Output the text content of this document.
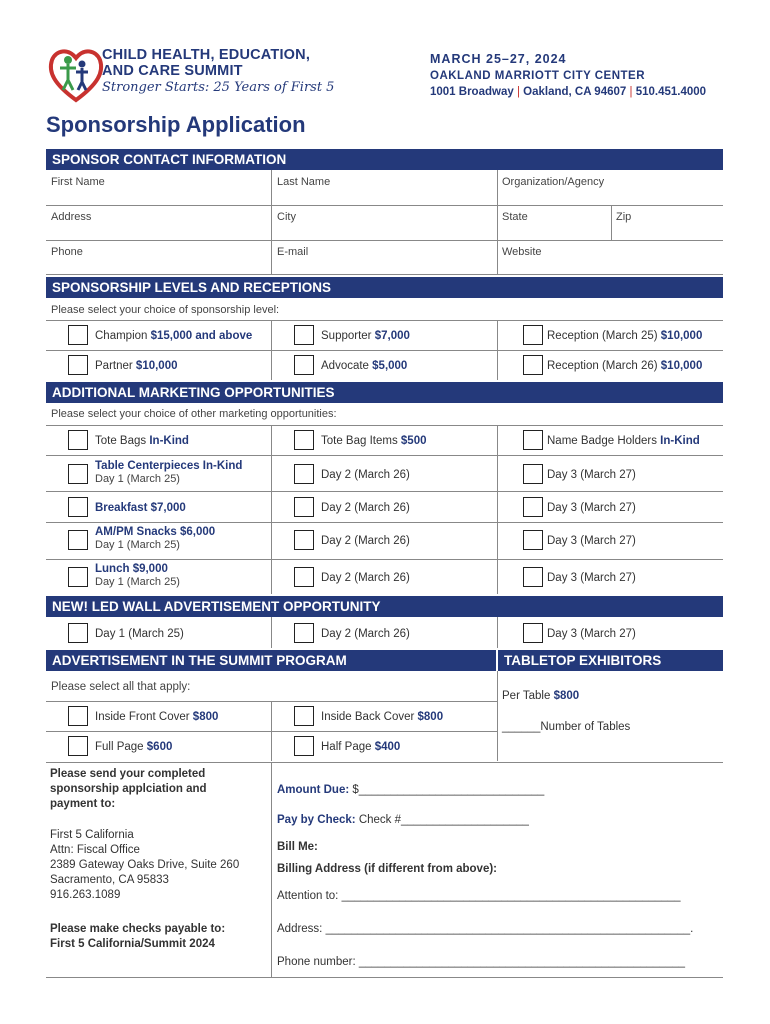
CHILD HEALTH, EDUCATION,
AND CARE SUMMIT
Stronger Starts: 25 Years of First 5
MARCH 25–27, 2024
OAKLAND MARRIOTT CITY CENTER
1001 Broadway | Oakland, CA 94607 | 510.451.4000
Sponsorship Application
SPONSOR CONTACT INFORMATION
First Name	Last Name	Organization/Agency
Address	City	State	Zip
Phone	E-mail	Website
SPONSORSHIP LEVELS AND RECEPTIONS
Please select your choice of sponsorship level:
Champion $15,000 and above	Supporter $7,000	Reception (March 25) $10,000
Partner $10,000	Advocate $5,000	Reception (March 26) $10,000
ADDITIONAL MARKETING OPPORTUNITIES
Please select your choice of other marketing opportunities:
Tote Bags In-Kind	Tote Bag Items $500	Name Badge Holders In-Kind
Table Centerpieces In-Kind
Day 1 (March 25)	Day 2 (March 26)	Day 3 (March 27)
Breakfast $7,000	Day 2 (March 26)	Day 3 (March 27)
AM/PM Snacks $6,000
Day 1 (March 25)	Day 2 (March 26)	Day 3 (March 27)
Lunch $9,000
Day 1 (March 25)	Day 2 (March 26)	Day 3 (March 27)
NEW! LED WALL ADVERTISEMENT OPPORTUNITY
Day 1 (March 25)	Day 2 (March 26)	Day 3 (March 27)
ADVERTISEMENT IN THE SUMMIT PROGRAM	TABLETOP EXHIBITORS
Please select all that apply:
Inside Front Cover $800	Inside Back Cover $800
Full Page $600	Half Page $400
Per Table $800
______Number of Tables
Please send your completed
sponsorship applciation and
payment to:
First 5 California
Attn: Fiscal Office
2389 Gateway Oaks Drive, Suite 260
Sacramento, CA 95833
916.263.1089
Please make checks payable to:
First 5 California/Summit 2024
Amount Due: $_____________________________
Pay by Check: Check #____________________
Bill Me:
Billing Address (if different from above):
Attention to: _____________________________________________________
Address: _________________________________________________________.
Phone number: ___________________________________________________
